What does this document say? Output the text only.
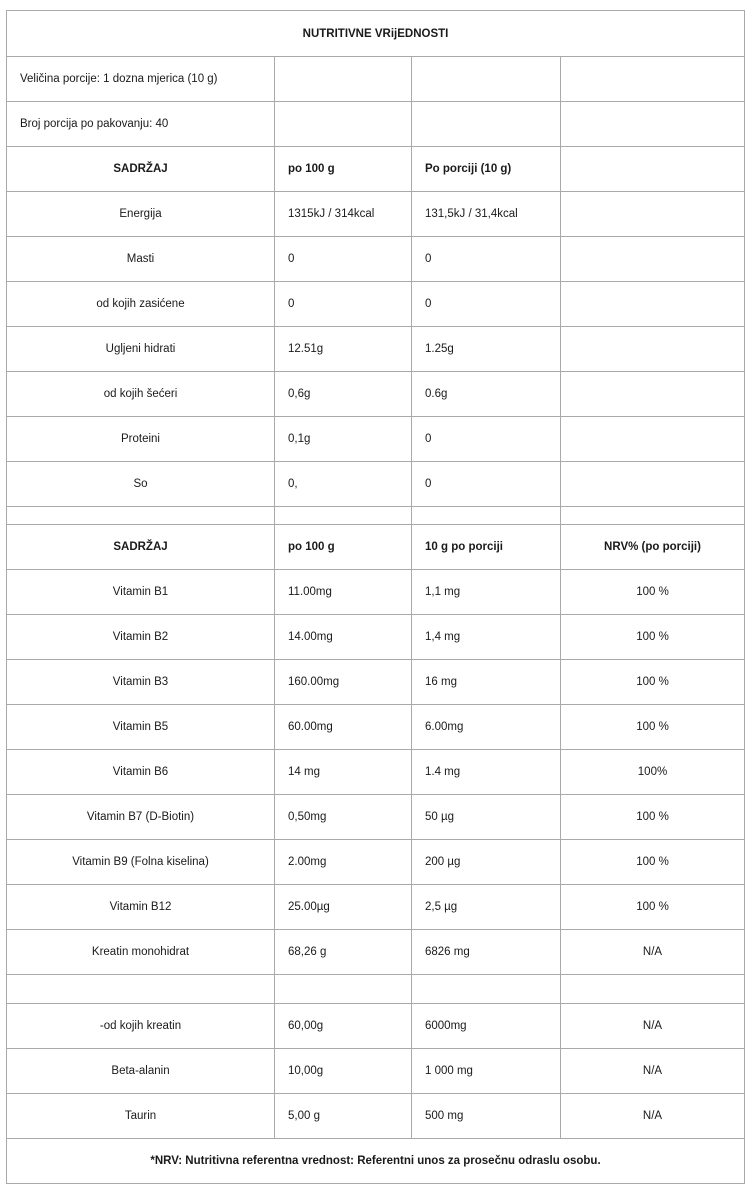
NUTRITIVNE VRijEDNOSTI			
Veličina porcije: 1 dozna mjerica (10 g)			
Broj porcija po pakovanju: 40			
SADRŽAJ	po 100 g	Po porciji (10 g)	
Energija	1315kJ / 314kcal	131,5kJ / 31,4kcal	
Masti	0	0	
od kojih zasićene	0	0	
Ugljeni hidrati	12.51g	1.25g	
od kojih šećeri	0,6g	0.6g	
Proteini	0,1g	0	
So	0,	0	

SADRŽAJ	po 100 g	10 g po porciji	NRV% (po porciji)
Vitamin B1	11.00mg	1,1 mg	100 %
Vitamin B2	14.00mg	1,4 mg	100 %
Vitamin B3	160.00mg	16 mg	100 %
Vitamin B5	60.00mg	6.00mg	100 %
Vitamin B6	14 mg	1.4 mg	100%
Vitamin B7 (D-Biotin)	0,50mg	50 µg	100 %
Vitamin B9 (Folna kiselina)	2.00mg	200 µg	100 %
Vitamin B12	25.00µg	2,5 µg	100 %
Kreatin monohidrat	68,26 g	6826 mg	N/A

-od kojih kreatin	60,00g	6000mg	N/A
Beta-alanin	10,00g	1 000 mg	N/A
Taurin	5,00 g	500 mg	N/A
*NRV: Nutritivna referentna vrednost: Referentni unos za prosečnu odraslu osobu.			
